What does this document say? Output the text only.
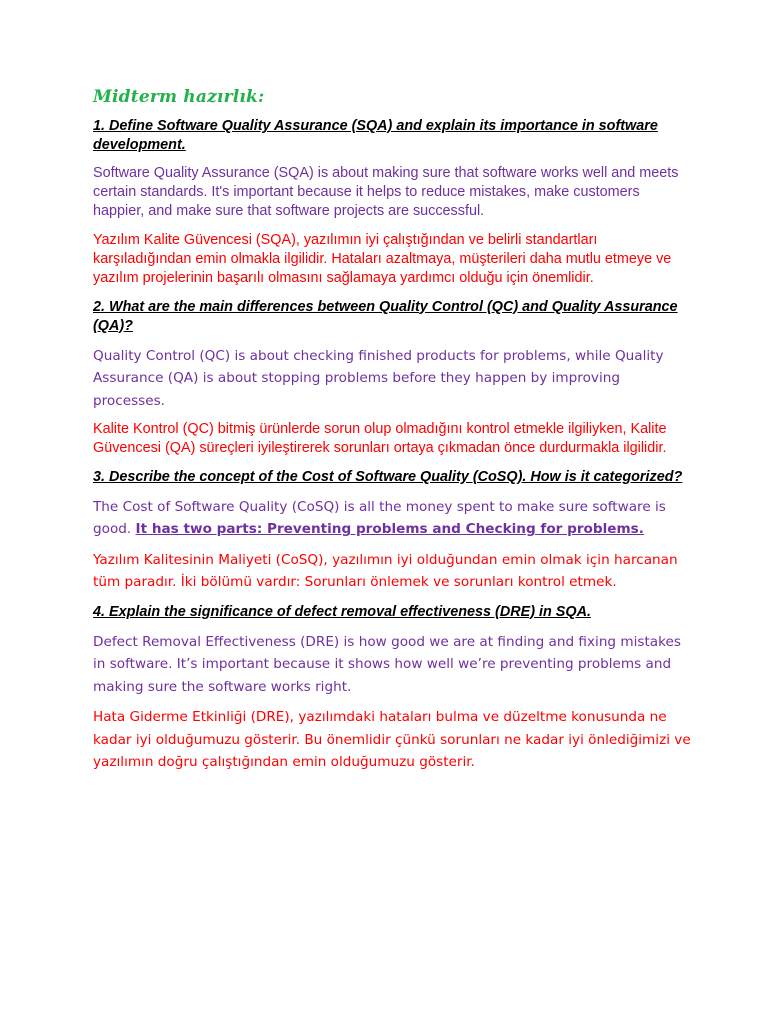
Midterm hazırlık:
1. Define Software Quality Assurance (SQA) and explain its importance in software development.
Software Quality Assurance (SQA) is about making sure that software works well and meets certain standards. It's important because it helps to reduce mistakes, make customers happier, and make sure that software projects are successful.
Yazılım Kalite Güvencesi (SQA), yazılımın iyi çalıştığından ve belirli standartları karşıladığından emin olmakla ilgilidir. Hataları azaltmaya, müşterileri daha mutlu etmeye ve yazılım projelerinin başarılı olmasını sağlamaya yardımcı olduğu için önemlidir.
2. What are the main differences between Quality Control (QC) and Quality Assurance (QA)?
Quality Control (QC) is about checking finished products for problems, while Quality Assurance (QA) is about stopping problems before they happen by improving processes.
Kalite Kontrol (QC) bitmiş ürünlerde sorun olup olmadığını kontrol etmekle ilgiliyken, Kalite Güvencesi (QA) süreçleri iyileştirerek sorunları ortaya çıkmadan önce durdurmakla ilgilidir.
3. Describe the concept of the Cost of Software Quality (CoSQ). How is it categorized?
The Cost of Software Quality (CoSQ) is all the money spent to make sure software is good. It has two parts: Preventing problems and Checking for problems.
Yazılım Kalitesinin Maliyeti (CoSQ), yazılımın iyi olduğundan emin olmak için harcanan tüm paradır. İki bölümü vardır: Sorunları önlemek ve sorunları kontrol etmek.
4. Explain the significance of defect removal effectiveness (DRE) in SQA.
Defect Removal Effectiveness (DRE) is how good we are at finding and fixing mistakes in software. It’s important because it shows how well we’re preventing problems and making sure the software works right.
Hata Giderme Etkinliği (DRE), yazılımdaki hataları bulma ve düzeltme konusunda ne kadar iyi olduğumuzu gösterir. Bu önemlidir çünkü sorunları ne kadar iyi önlediğimizi ve yazılımın doğru çalıştığından emin olduğumuzu gösterir.
